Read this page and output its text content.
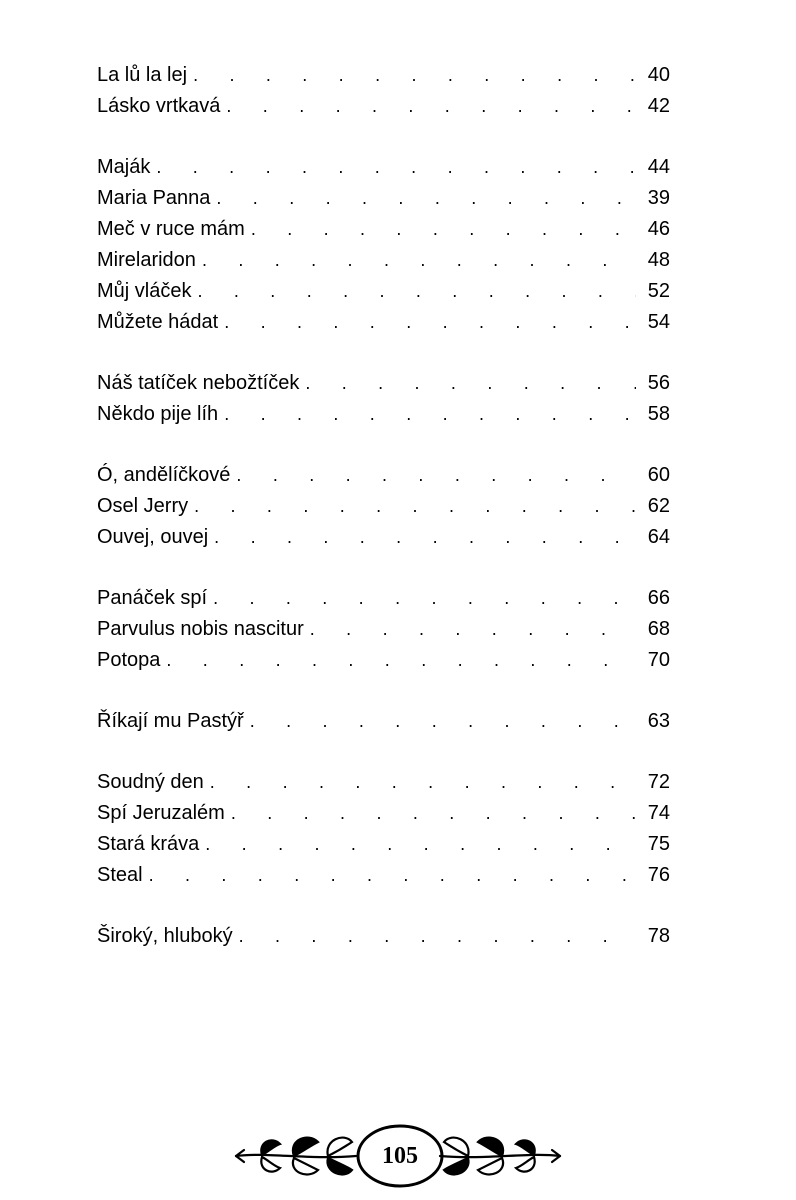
La lů la lej . . .	40
Lásko vrtkavá . . .	42
Maják . . .	44
Maria Panna . . .	39
Meč v ruce mám . . .	46
Mirelaridon . . .	48
Můj vláček . . .	52
Můžete hádat . . .	54
Náš tatíček nebožtíček . . .	56
Někdo pije líh . . .	58
Ó, andělíčkové . . .	60
Osel Jerry . . .	62
Ouvej, ouvej . . .	64
Panáček spí . . .	66
Parvulus nobis nascitur . . .	68
Potopa . . .	70
Říkají mu Pastýř . . .	63
Soudný den . . .	72
Spí Jeruzalém . . .	74
Stará kráva . . .	75
Steal . . .	76
Široký, hluboký . . .	78
105
